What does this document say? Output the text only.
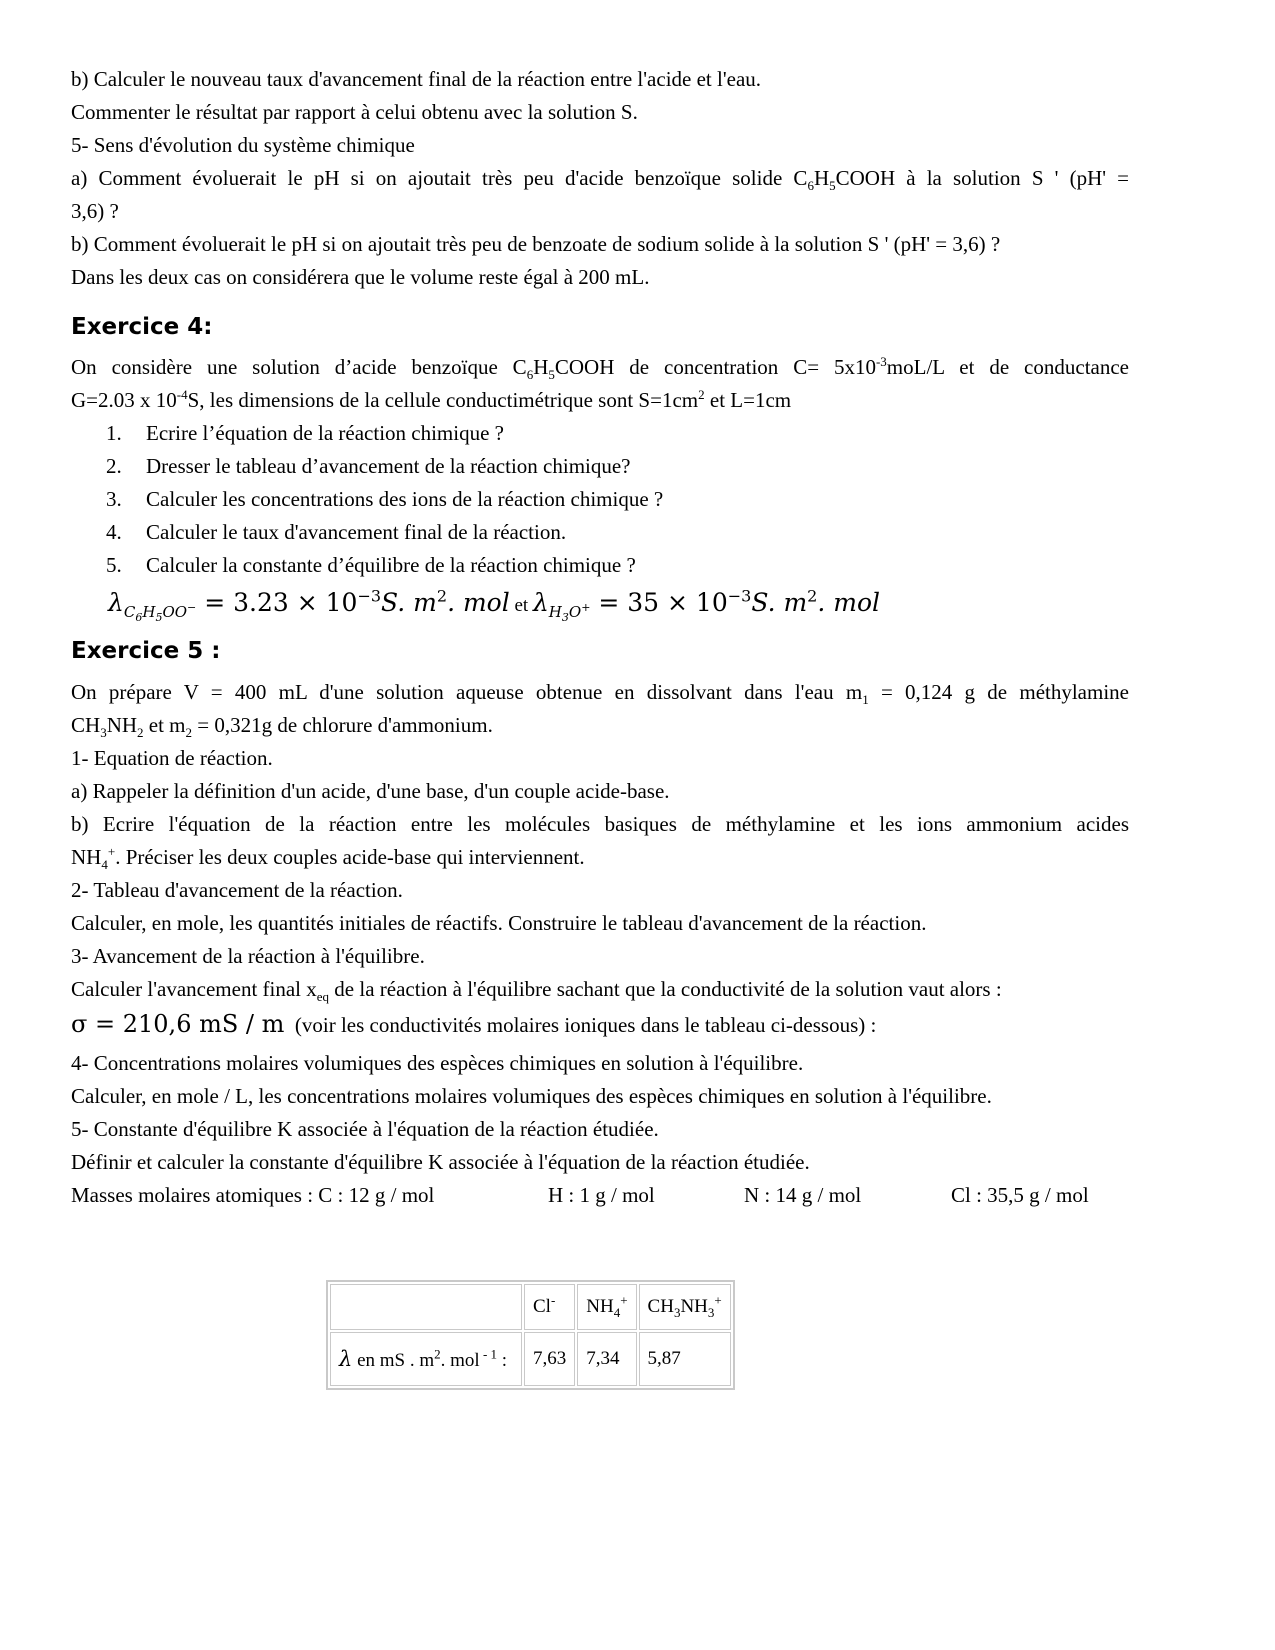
b) Calculer le nouveau taux d'avancement final de la réaction entre l'acide et l'eau.
Commenter le résultat par rapport à celui obtenu avec la solution S.
5- Sens d'évolution du système chimique
a) Comment évoluerait le pH si on ajoutait très peu d'acide benzoïque solide $C_6H_5COOH$ à la solution S ' (pH' =
3,6) ?
b) Comment évoluerait le pH si on ajoutait très peu de benzoate de sodium solide à la solution S ' (pH' = 3,6) ?
Dans les deux cas on considérera que le volume reste égal à 200 mL.
Exercice 4:
On considère une solution d’acide benzoïque $C_6H_5COOH$ de concentration $C= 5x10^{-3}moL/L$ et de conductance
G=2.03 x $10^{-4}S$, les dimensions de la cellule conductimétrique sont $S=1cm^2$ et L=1cm
1. Ecrire l’équation de la réaction chimique ?
2. Dresser le tableau d’avancement de la réaction chimique?
3. Calculer les concentrations des ions de la réaction chimique ?
4. Calculer le taux d'avancement final de la réaction.
5. Calculer la constante d’équilibre de la réaction chimique ?
$\lambda_{C_6H_5OO^-} = 3.23 \times 10^{-3}S$. $m^2$. mol et $\lambda_{H_3O^+} = 35 \times 10^{-3}S$. $m^2$. mol
Exercice 5 :
On prépare V = 400 mL d'une solution aqueuse obtenue en dissolvant dans l'eau $m_1 = 0,124$ g de méthylamine
$CH_3NH_2$ et $m_2 = 0,321g$ de chlorure d'ammonium.
1- Equation de réaction.
a) Rappeler la définition d'un acide, d'une base, d'un couple acide-base.
b) Ecrire l'équation de la réaction entre les molécules basiques de méthylamine et les ions ammonium acides
$NH_4^+$. Préciser les deux couples acide-base qui interviennent.
2- Tableau d'avancement de la réaction.
Calculer, en mole, les quantités initiales de réactifs. Construire le tableau d'avancement de la réaction.
3- Avancement de la réaction à l'équilibre.
Calculer l'avancement final $x_{eq}$ de la réaction à l'équilibre sachant que la conductivité de la solution vaut alors :
σ = 210,6 mS / m (voir les conductivités molaires ioniques dans le tableau ci-dessous) :
4- Concentrations molaires volumiques des espèces chimiques en solution à l'équilibre.
Calculer, en mole / L, les concentrations molaires volumiques des espèces chimiques en solution à l'équilibre.
5- Constante d'équilibre K associée à l'équation de la réaction étudiée.
Définir et calculer la constante d'équilibre K associée à l'équation de la réaction étudiée.
Masses molaires atomiques : C : 12 g / mol	H : 1 g / mol	N : 14 g / mol	Cl : 35,5 g / mol
	Cl-	$NH_4^+$	$CH_3NH_3^+$
λ en mS . $m^2$. mol $^{- 1}$ :	7,63	7,34	5,87
